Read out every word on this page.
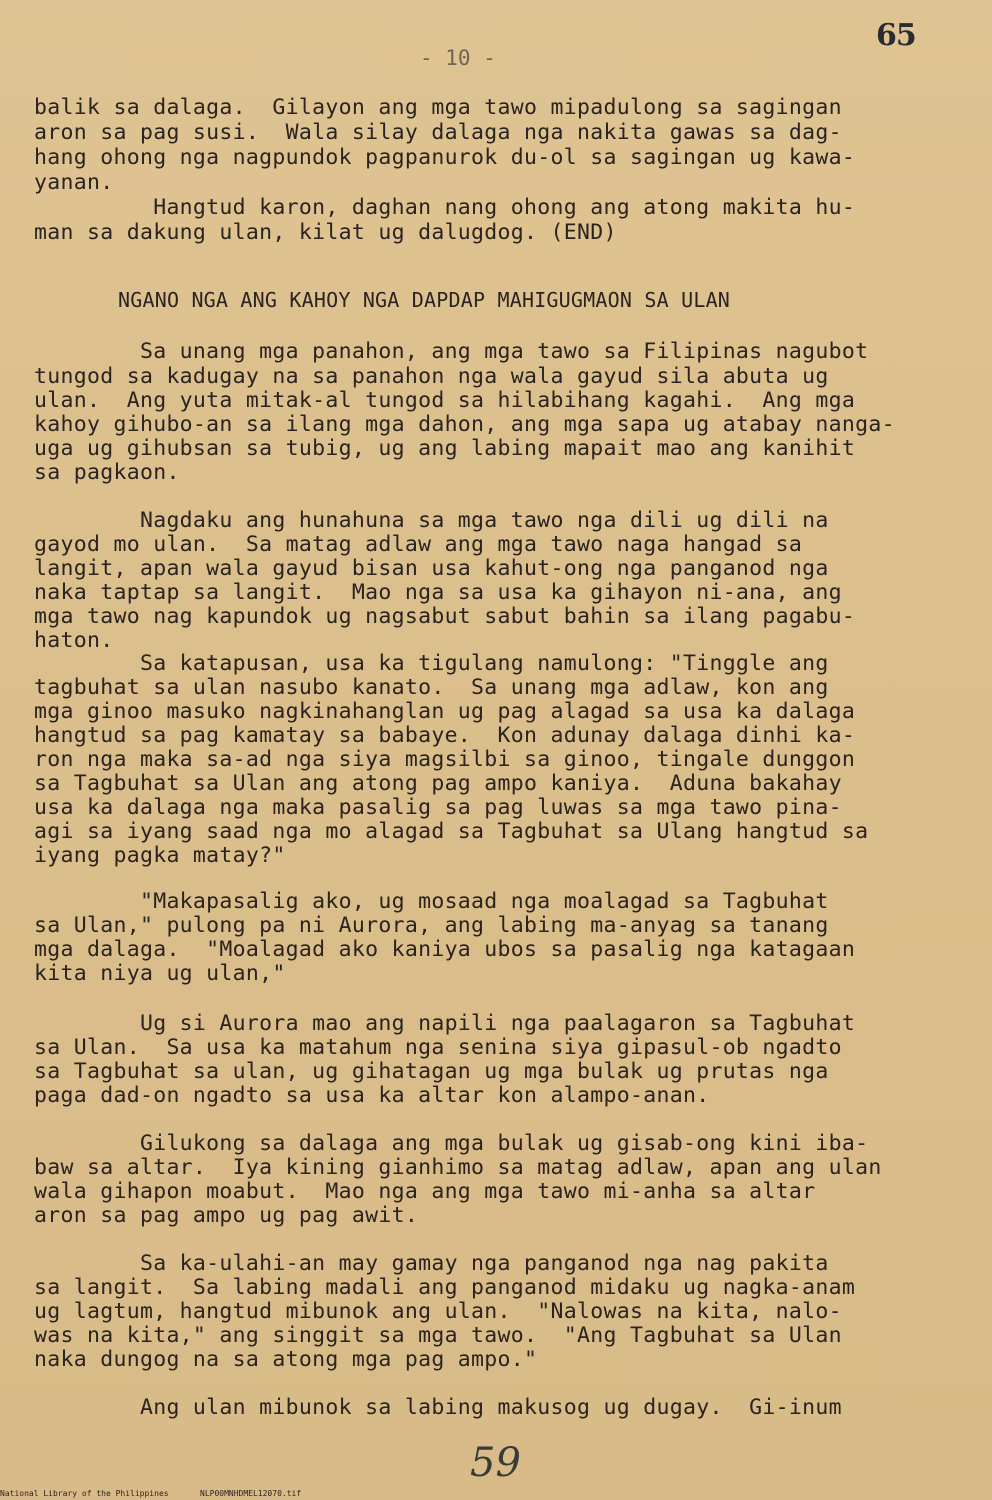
65
- 10 -
balik sa dalaga.  Gilayon ang mga tawo mipadulong sa sagingan
aron sa pag susi.  Wala silay dalaga nga nakita gawas sa dag-
hang ohong nga nagpundok pagpanurok du-ol sa sagingan ug kawa-
yanan.
Hangtud karon, daghan nang ohong ang atong makita hu-
man sa dakung ulan, kilat ug dalugdog. (END)
NGANO NGA ANG KAHOY NGA DAPDAP MAHIGUGMAON SA ULAN
Sa unang mga panahon, ang mga tawo sa Filipinas nagubot
tungod sa kadugay na sa panahon nga wala gayud sila abuta ug
ulan.  Ang yuta mitak-al tungod sa hilabihang kagahi.  Ang mga
kahoy gihubo-an sa ilang mga dahon, ang mga sapa ug atabay nanga-
uga ug gihubsan sa tubig, ug ang labing mapait mao ang kanihit
sa pagkaon.
Nagdaku ang hunahuna sa mga tawo nga dili ug dili na
gayod mo ulan.  Sa matag adlaw ang mga tawo naga hangad sa
langit, apan wala gayud bisan usa kahut-ong nga panganod nga
naka taptap sa langit.  Mao nga sa usa ka gihayon ni-ana, ang
mga tawo nag kapundok ug nagsabut sabut bahin sa ilang pagabu-
haton.
Sa katapusan, usa ka tigulang namulong: "Tinggle ang
tagbuhat sa ulan nasubo kanato.  Sa unang mga adlaw, kon ang
mga ginoo masuko nagkinahanglan ug pag alagad sa usa ka dalaga
hangtud sa pag kamatay sa babaye.  Kon adunay dalaga dinhi ka-
ron nga maka sa-ad nga siya magsilbi sa ginoo, tingale dunggon
sa Tagbuhat sa Ulan ang atong pag ampo kaniya.  Aduna bakahay
usa ka dalaga nga maka pasalig sa pag luwas sa mga tawo pina-
agi sa iyang saad nga mo alagad sa Tagbuhat sa Ulang hangtud sa
iyang pagka matay?"
"Makapasalig ako, ug mosaad nga moalagad sa Tagbuhat
sa Ulan," pulong pa ni Aurora, ang labing ma-anyag sa tanang
mga dalaga.  "Moalagad ako kaniya ubos sa pasalig nga katagaan
kita niya ug ulan,"
Ug si Aurora mao ang napili nga paalagaron sa Tagbuhat
sa Ulan.  Sa usa ka matahum nga senina siya gipasul-ob ngadto
sa Tagbuhat sa ulan, ug gihatagan ug mga bulak ug prutas nga
paga dad-on ngadto sa usa ka altar kon alampo-anan.
Gilukong sa dalaga ang mga bulak ug gisab-ong kini iba-
baw sa altar.  Iya kining gianhimo sa matag adlaw, apan ang ulan
wala gihapon moabut.  Mao nga ang mga tawo mi-anha sa altar
aron sa pag ampo ug pag awit.
Sa ka-ulahi-an may gamay nga panganod nga nag pakita
sa langit.  Sa labing madali ang panganod midaku ug nagka-anam
ug lagtum, hangtud mibunok ang ulan.  "Nalowas na kita, nalo-
was na kita," ang singgit sa mga tawo.  "Ang Tagbuhat sa Ulan
naka dungog na sa atong mga pag ampo."
Ang ulan mibunok sa labing makusog ug dugay.  Gi-inum
59
National Library of the Philippines	NLP00MNHDMEL12070.tif
